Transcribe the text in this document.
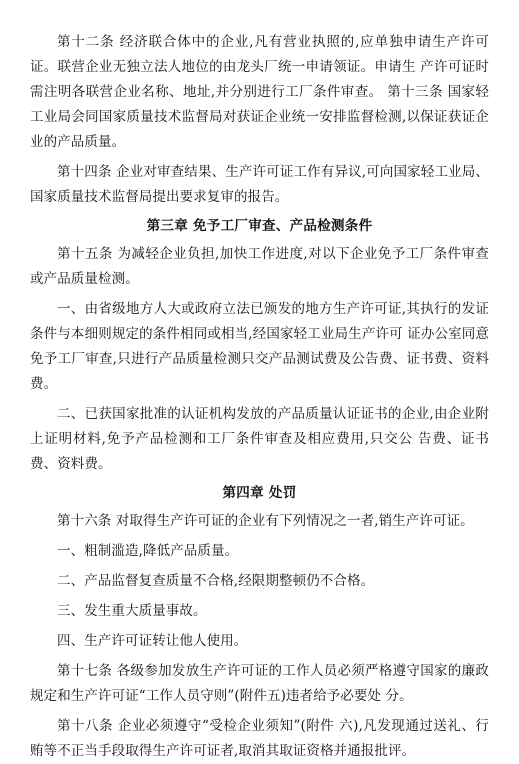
第十二条 经济联合体中的企业,凡有营业执照的,应单独申请生产许可证。联营企业无独立法人地位的由龙头厂统一申请领证。申请生 产许可证时需注明各联营企业名称、地址,并分别进行工厂条件审查。 第十三条 国家轻工业局会同国家质量技术监督局对获证企业统一安排监督检测,以保证获证企业的产品质量。

第十四条 企业对审查结果、生产许可证工作有异议,可向国家轻工业局、国家质量技术监督局提出要求复审的报告。

第三章 免予工厂审查、产品检测条件

第十五条 为减轻企业负担,加快工作进度,对以下企业免予工厂条件审查或产品质量检测。

一、由省级地方人大或政府立法已颁发的地方生产许可证,其执行的发证条件与本细则规定的条件相同或相当,经国家轻工业局生产许可 证办公室同意免予工厂审查,只进行产品质量检测只交产品测试费及公告费、证书费、资料费。

二、已获国家批准的认证机构发放的产品质量认证证书的企业,由企业附上证明材料,免予产品检测和工厂条件审查及相应费用,只交公 告费、证书费、资料费。

第四章 处罚

第十六条 对取得生产许可证的企业有下列情况之一者,销生产许可证。

一、粗制滥造,降低产品质量。

二、产品监督复查质量不合格,经限期整顿仍不合格。

三、发生重大质量事故。

四、生产许可证转让他人使用。

第十七条 各级参加发放生产许可证的工作人员必须严格遵守国家的廉政规定和生产许可证“工作人员守则”(附件五)违者给予必要处 分。

第十八条 企业必须遵守“受检企业须知”(附件 六),凡发现通过送礼、行贿等不正当手段取得生产许可证者,取消其取证资格并通报批评。
